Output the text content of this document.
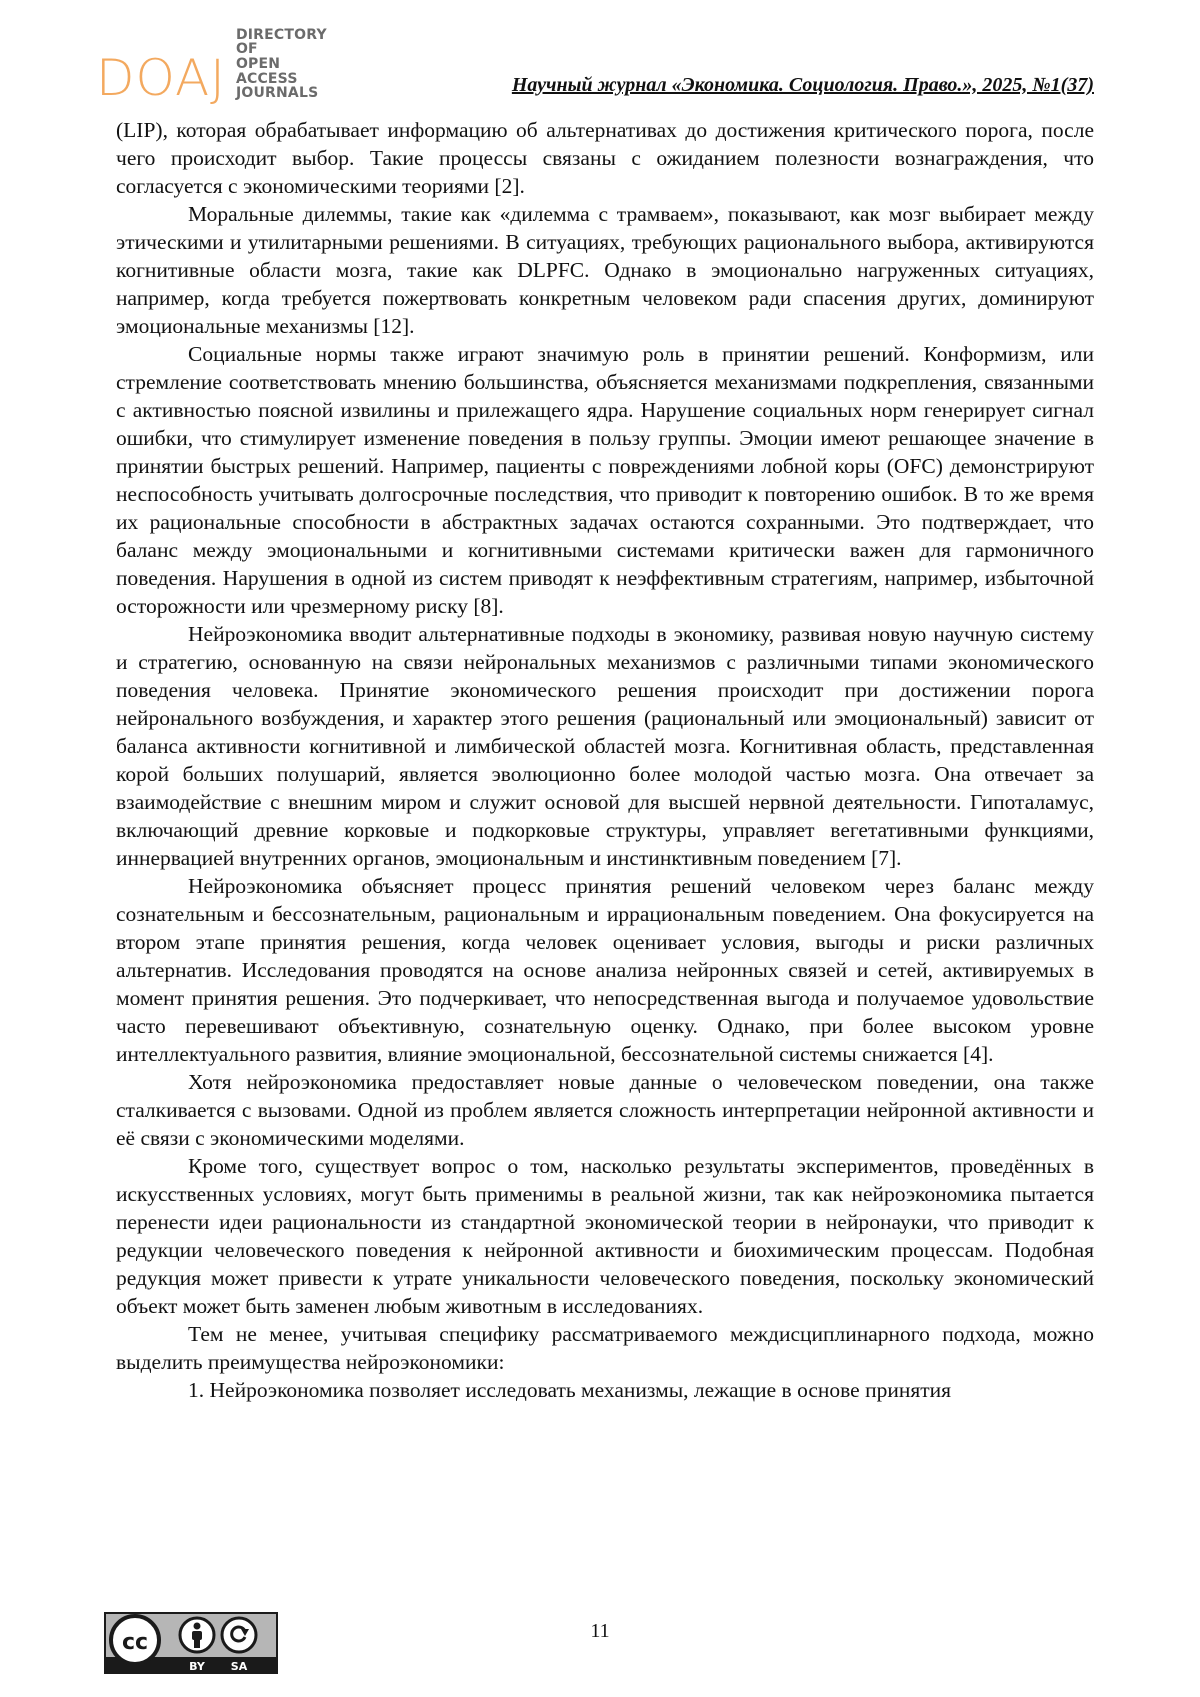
DOAJ
DIRECTORY OF
OPEN ACCESS
JOURNALS	Научный журнал «Экономика. Социология. Право.», 2025, №1(37)

(LIP), которая обрабатывает информацию об альтернативах до достижения критического порога, после чего происходит выбор. Такие процессы связаны с ожиданием полезности вознаграждения, что согласуется с экономическими теориями [2].

Моральные дилеммы, такие как «дилемма с трамваем», показывают, как мозг выбирает между этическими и утилитарными решениями. В ситуациях, требующих рационального выбора, активируются когнитивные области мозга, такие как DLPFC. Однако в эмоционально нагруженных ситуациях, например, когда требуется пожертвовать конкретным человеком ради спасения других, доминируют эмоциональные механизмы [12].

Социальные нормы также играют значимую роль в принятии решений. Конформизм, или стремление соответствовать мнению большинства, объясняется механизмами подкрепления, связанными с активностью поясной извилины и прилежащего ядра. Нарушение социальных норм генерирует сигнал ошибки, что стимулирует изменение поведения в пользу группы. Эмоции имеют решающее значение в принятии быстрых решений. Например, пациенты с повреждениями лобной коры (OFC) демонстрируют неспособность учитывать долгосрочные последствия, что приводит к повторению ошибок. В то же время их рациональные способности в абстрактных задачах остаются сохранными. Это подтверждает, что баланс между эмоциональными и когнитивными системами критически важен для гармоничного поведения. Нарушения в одной из систем приводят к неэффективным стратегиям, например, избыточной осторожности или чрезмерному риску [8].

Нейроэкономика вводит альтернативные подходы в экономику, развивая новую научную систему и стратегию, основанную на связи нейрональных механизмов с различными типами экономического поведения человека. Принятие экономического решения происходит при достижении порога нейронального возбуждения, и характер этого решения (рациональный или эмоциональный) зависит от баланса активности когнитивной и лимбической областей мозга. Когнитивная область, представленная корой больших полушарий, является эволюционно более молодой частью мозга. Она отвечает за взаимодействие с внешним миром и служит основой для высшей нервной деятельности. Гипоталамус, включающий древние корковые и подкорковые структуры, управляет вегетативными функциями, иннервацией внутренних органов, эмоциональным и инстинктивным поведением [7].

Нейроэкономика объясняет процесс принятия решений человеком через баланс между сознательным и бессознательным, рациональным и иррациональным поведением. Она фокусируется на втором этапе принятия решения, когда человек оценивает условия, выгоды и риски различных альтернатив. Исследования проводятся на основе анализа нейронных связей и сетей, активируемых в момент принятия решения. Это подчеркивает, что непосредственная выгода и получаемое удовольствие часто перевешивают объективную, сознательную оценку. Однако, при более высоком уровне интеллектуального развития, влияние эмоциональной, бессознательной системы снижается [4].

Хотя нейроэкономика предоставляет новые данные о человеческом поведении, она также сталкивается с вызовами. Одной из проблем является сложность интерпретации нейронной активности и её связи с экономическими моделями.

Кроме того, существует вопрос о том, насколько результаты экспериментов, проведённых в искусственных условиях, могут быть применимы в реальной жизни, так как нейроэкономика пытается перенести идеи рациональности из стандартной экономической теории в нейронауки, что приводит к редукции человеческого поведения к нейронной активности и биохимическим процессам. Подобная редукция может привести к утрате уникальности человеческого поведения, поскольку экономический объект может быть заменен любым животным в исследованиях.

Тем не менее, учитывая специфику рассматриваемого междисциплинарного подхода, можно выделить преимущества нейроэкономики:

1. Нейроэкономика позволяет исследовать механизмы, лежащие в основе принятия

11
cc
BY SA
